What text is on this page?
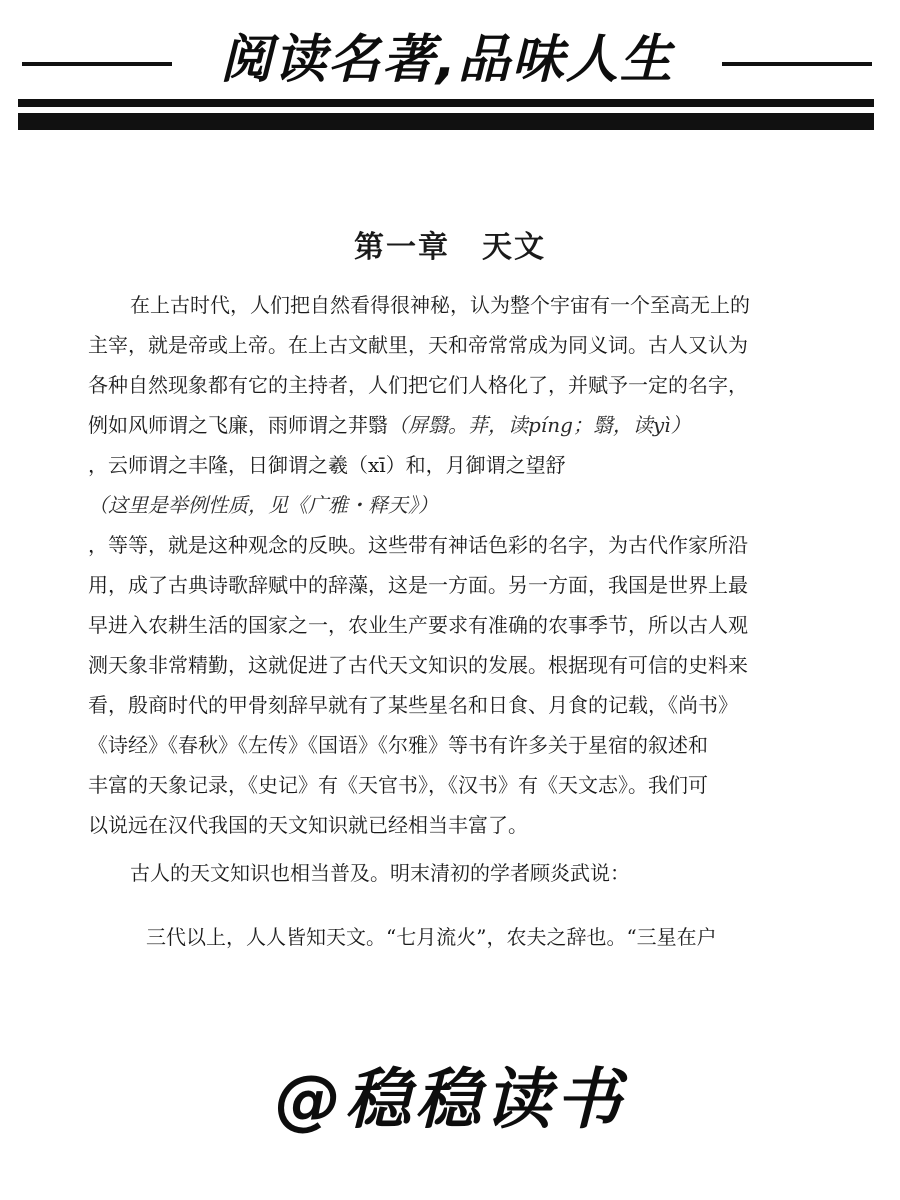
阅读名著,品味人生
第一章　天文
在上古时代，人们把自然看得很神秘，认为整个宇宙有一个至高无上的
主宰，就是帝或上帝。在上古文献里，天和帝常常成为同义词。古人又认为
各种自然现象都有它的主持者，人们把它们人格化了，并赋予一定的名字，
例如风师谓之飞廉，雨师谓之荓翳（屏翳。荓，读píng；翳，读yì）
，云师谓之丰隆，日御谓之羲（xī）和，月御谓之望舒
（这里是举例性质，见《广雅・释天》）
，等等，就是这种观念的反映。这些带有神话色彩的名字，为古代作家所沿
用，成了古典诗歌辞赋中的辞藻，这是一方面。另一方面，我国是世界上最
早进入农耕生活的国家之一，农业生产要求有准确的农事季节，所以古人观
测天象非常精勤，这就促进了古代天文知识的发展。根据现有可信的史料来
看，殷商时代的甲骨刻辞早就有了某些星名和日食、月食的记载，《尚书》
《诗经》《春秋》《左传》《国语》《尔雅》等书有许多关于星宿的叙述和
丰富的天象记录，《史记》有《天官书》，《汉书》有《天文志》。我们可
以说远在汉代我国的天文知识就已经相当丰富了。
古人的天文知识也相当普及。明末清初的学者顾炎武说：
三代以上，人人皆知天文。“七月流火”，农夫之辞也。“三星在户
@稳稳读书
